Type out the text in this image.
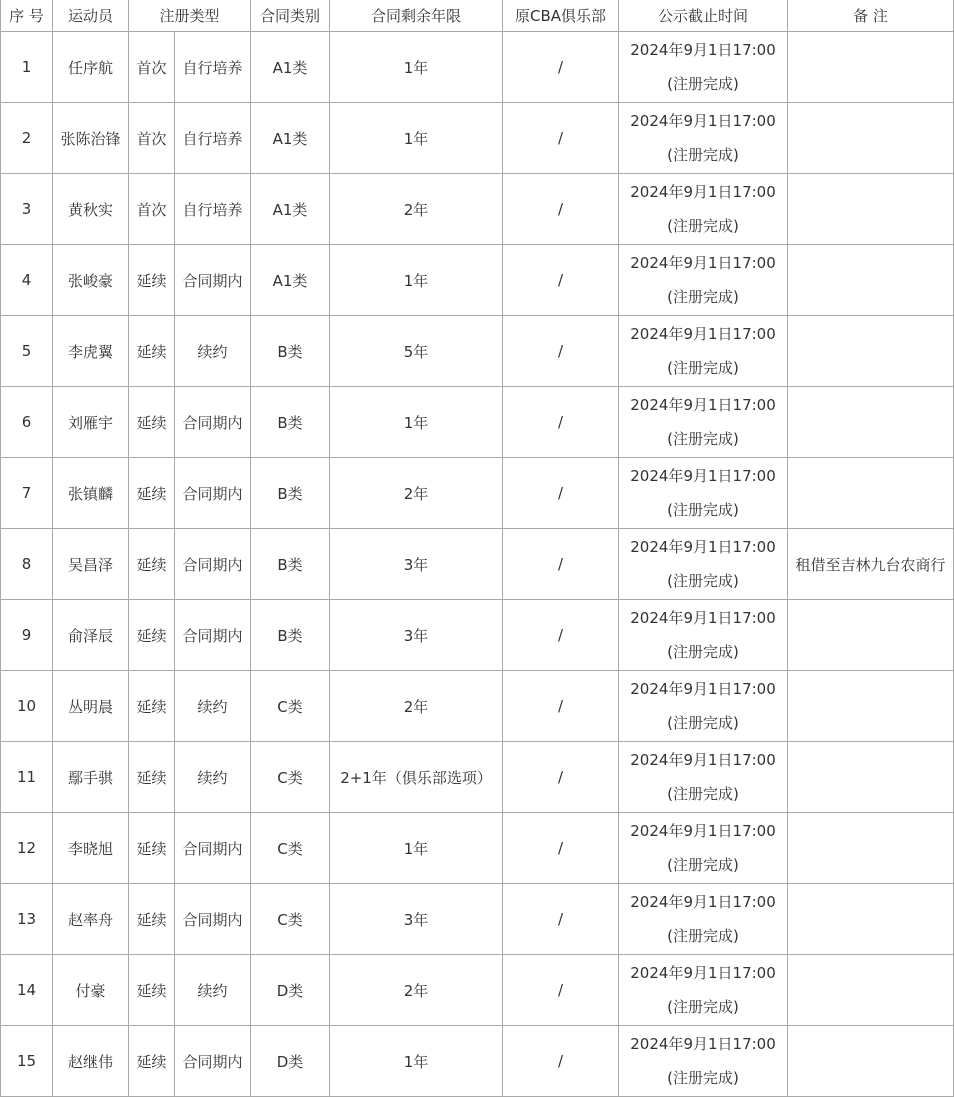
序 号	运动员	注册类型		合同类别	合同剩余年限	原CBA俱乐部	公示截止时间	备 注
1	任序航	首次	自行培养	A1类	1年	/	2024年9月1日17:00
(注册完成)	

2	张陈治锋	首次	自行培养	A1类	1年	/	2024年9月1日17:00
(注册完成)	

3	黄秋实	首次	自行培养	A1类	2年	/	2024年9月1日17:00
(注册完成)	

4	张峻豪	延续	合同期内	A1类	1年	/	2024年9月1日17:00
(注册完成)	

5	李虎翼	延续	续约	B类	5年	/	2024年9月1日17:00
(注册完成)	

6	刘雁宇	延续	合同期内	B类	1年	/	2024年9月1日17:00
(注册完成)	

7	张镇麟	延续	合同期内	B类	2年	/	2024年9月1日17:00
(注册完成)	

8	吴昌泽	延续	合同期内	B类	3年	/	2024年9月1日17:00
(注册完成)	租借至吉林九台农商行
9	俞泽辰	延续	合同期内	B类	3年	/	2024年9月1日17:00
(注册完成)	

10	丛明晨	延续	续约	C类	2年	/	2024年9月1日17:00
(注册完成)	

11	鄢手骐	延续	续约	C类	2+1年（俱乐部选项）	/	2024年9月1日17:00
(注册完成)	

12	李晓旭	延续	合同期内	C类	1年	/	2024年9月1日17:00
(注册完成)	

13	赵率舟	延续	合同期内	C类	3年	/	2024年9月1日17:00
(注册完成)	

14	付豪	延续	续约	D类	2年	/	2024年9月1日17:00
(注册完成)	

15	赵继伟	延续	合同期内	D类	1年	/	2024年9月1日17:00
(注册完成)	
